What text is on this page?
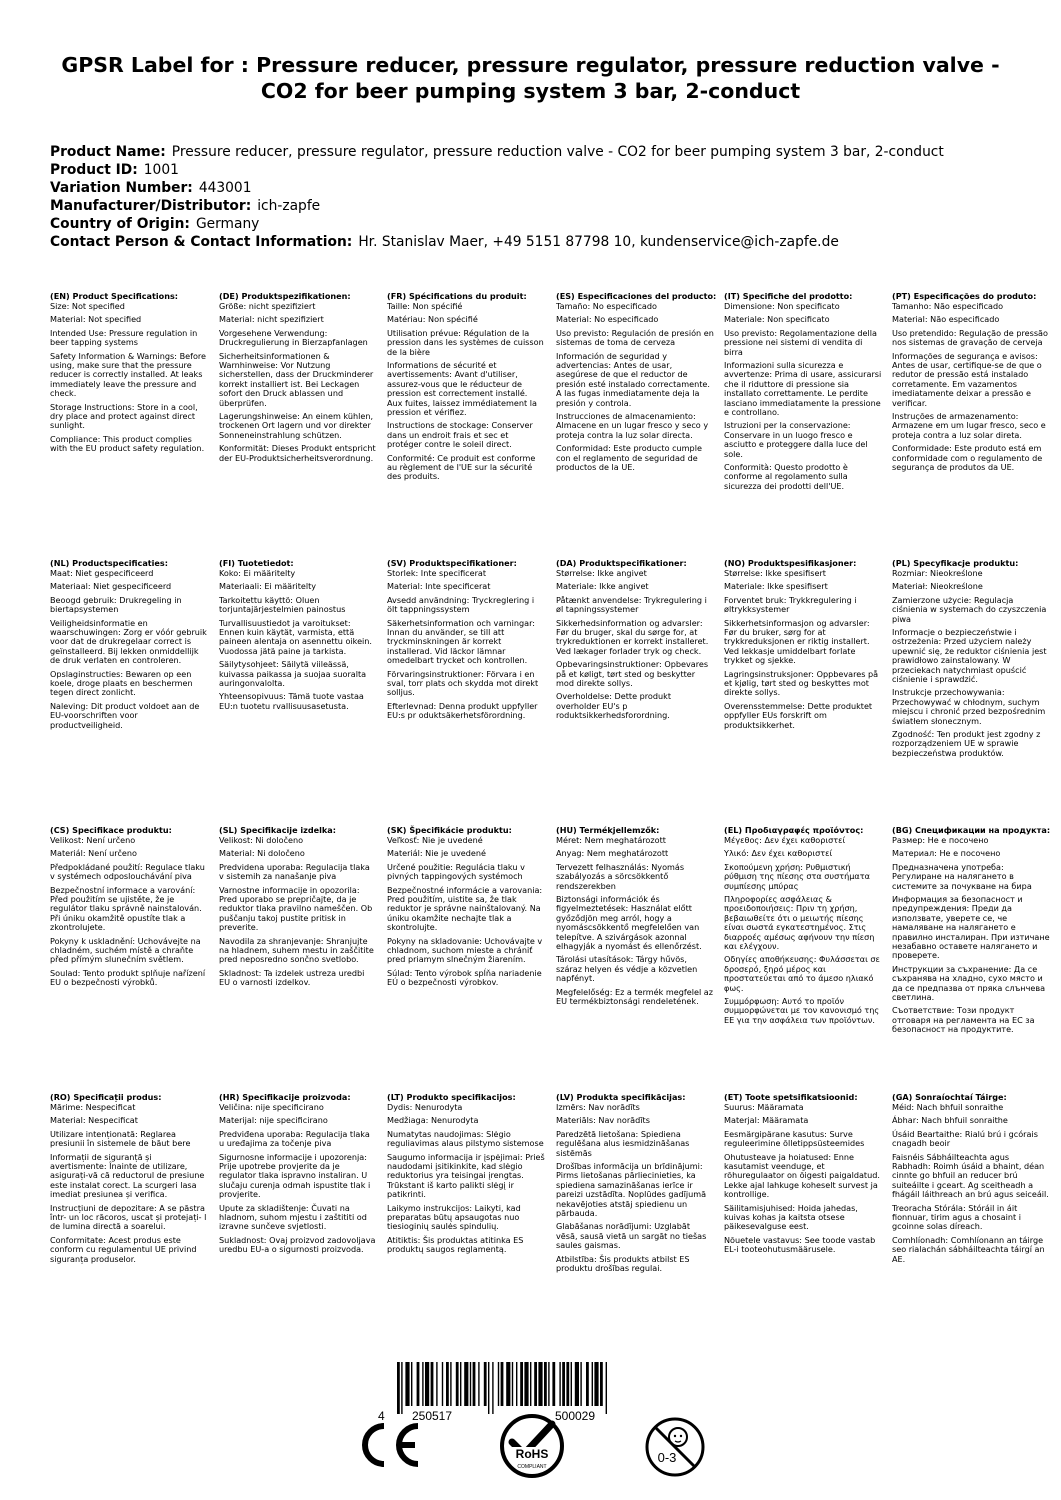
GPSR Label for : Pressure reducer, pressure regulator, pressure reduction valve - CO2 for beer pumping system 3 bar, 2-conduct
Product Name: Pressure reducer, pressure regulator, pressure reduction valve - CO2 for beer pumping system 3 bar, 2-conduct
Product ID: 1001
Variation Number: 443001
Manufacturer/Distributor: ich-zapfe
Country of Origin: Germany
Contact Person & Contact Information: Hr. Stanislav Maer, +49 5151 87798 10, kundenservice@ich-zapfe.de
(EN) Product Specifications:
Size: Not specified
Material: Not specified
Intended Use: Pressure regulation in beer tapping systems
Safety Information & Warnings: Before using, make sure that the pressure reducer is correctly installed. At leaks immediately leave the pressure and check.
Storage Instructions: Store in a cool, dry place and protect against direct sunlight.
Compliance: This product complies with the EU product safety regulation.
(DE) Produktspezifikationen:
Größe: nicht spezifiziert
Material: nicht spezifiziert
Vorgesehene Verwendung: Druckregulierung in Bierzapfanlagen
Sicherheitsinformationen & Warnhinweise: Vor Nutzung sicherstellen, dass der Druckminderer korrekt installiert ist. Bei Leckagen sofort den Druck ablassen und überprüfen.
Lagerungshinweise: An einem kühlen, trockenen Ort lagern und vor direkter Sonneneinstrahlung schützen.
Konformität: Dieses Produkt entspricht der EU-Produktsicherheitsverordnung.
(FR) Spécifications du produit:
Taille: Non spécifié
Matériau: Non spécifié
Utilisation prévue: Régulation de la pression dans les systèmes de cuisson de la bière
Informations de sécurité et avertissements: Avant d'utiliser, assurez-vous que le réducteur de pression est correctement installé. Aux fuites, laissez immédiatement la pression et vérifiez.
Instructions de stockage: Conserver dans un endroit frais et sec et protéger contre le soleil direct.
Conformité: Ce produit est conforme au règlement de l'UE sur la sécurité des produits.
(ES) Especificaciones del producto:
Tamaño: No especificado
Material: No especificado
Uso previsto: Regulación de presión en sistemas de toma de cerveza
Información de seguridad y advertencias: Antes de usar, asegúrese de que el reductor de presión esté instalado correctamente. A las fugas inmediatamente deja la presión y controla.
Instrucciones de almacenamiento: Almacene en un lugar fresco y seco y proteja contra la luz solar directa.
Conformidad: Este producto cumple con el reglamento de seguridad de productos de la UE.
(IT) Specifiche del prodotto:
Dimensione: Non specificato
Materiale: Non specificato
Uso previsto: Regolamentazione della pressione nei sistemi di vendita di birra
Informazioni sulla sicurezza e avvertenze: Prima di usare, assicurarsi che il riduttore di pressione sia installato correttamente. Le perdite lasciano immediatamente la pressione e controllano.
Istruzioni per la conservazione: Conservare in un luogo fresco e asciutto e proteggere dalla luce del sole.
Conformità: Questo prodotto è conforme al regolamento sulla sicurezza dei prodotti dell'UE.
(PT) Especificações do produto:
Tamanho: Não especificado
Material: Não especificado
Uso pretendido: Regulação de pressão nos sistemas de gravação de cerveja
Informações de segurança e avisos: Antes de usar, certifique-se de que o redutor de pressão está instalado corretamente. Em vazamentos imediatamente deixar a pressão e verificar.
Instruções de armazenamento: Armazene em um lugar fresco, seco e proteja contra a luz solar direta.
Conformidade: Este produto está em conformidade com o regulamento de segurança de produtos da UE.
(NL) Productspecificaties:
Maat: Niet gespecificeerd
Materiaal: Niet gespecificeerd
Beoogd gebruik: Drukregeling in biertapsystemen
Veiligheidsinformatie en waarschuwingen: Zorg er vóór gebruik voor dat de drukregelaar correct is geïnstalleerd. Bij lekken onmiddellijk de druk verlaten en controleren.
Opslaginstructies: Bewaren op een koele, droge plaats en beschermen tegen direct zonlicht.
Naleving: Dit product voldoet aan de EU-voorschriften voor productveiligheid.
(FI) Tuotetiedot:
Koko: Ei määritelty
Materiaali: Ei määritelty
Tarkoitettu käyttö: Oluen torjuntajärjestelmien painostus
Turvallisuustiedot ja varoitukset: Ennen kuin käytät, varmista, että paineen alentaja on asennettu oikein. Vuodossa jätä paine ja tarkista.
Säilytysohjeet: Säilytä viileässä, kuivassa paikassa ja suojaa suoralta auringonvalolta.
Yhteensopivuus: Tämä tuote vastaa EU:n tuotetu rvallisuusasetusta.
(SV) Produktspecifikationer:
Storlek: Inte specificerat
Material: Inte specificerat
Avsedd användning: Tryckreglering i ölt tappningssystem
Säkerhetsinformation och varningar: Innan du använder, se till att tryckminskningen är korrekt installerad. Vid läckor lämnar omedelbart trycket och kontrollen.
Förvaringsinstruktioner: Förvara i en sval, torr plats och skydda mot direkt solljus.
Efterlevnad: Denna produkt uppfyller EU:s pr oduktsäkerhetsförordning.
(DA) Produktspecifikationer:
Størrelse: Ikke angivet
Materiale: Ikke angivet
Påtænkt anvendelse: Trykregulering i øl tapningssystemer
Sikkerhedsinformation og advarsler: Før du bruger, skal du sørge for, at trykreduktionen er korrekt installeret. Ved lækager forlader tryk og check.
Opbevaringsinstruktioner: Opbevares på et køligt, tørt sted og beskytter mod direkte sollys.
Overholdelse: Dette produkt overholder EU's p roduktsikkerhedsforordning.
(NO) Produktspesifikasjoner:
Størrelse: Ikke spesifisert
Materiale: Ikke spesifisert
Forventet bruk: Trykkregulering i øltrykksystemer
Sikkerhetsinformasjon og advarsler: Før du bruker, sørg for at trykkreduksjonen er riktig installert. Ved lekkasje umiddelbart forlate trykket og sjekke.
Lagringsinstruksjoner: Oppbevares på et kjølig, tørt sted og beskyttes mot direkte sollys.
Overensstemmelse: Dette produktet oppfyller EUs forskrift om produktsikkerhet.
(PL) Specyfikacje produktu:
Rozmiar: Nieokreślone
Materiał: Nieokreślone
Zamierzone użycie: Regulacja ciśnienia w systemach do czyszczenia piwa
Informacje o bezpieczeństwie i ostrzeżenia: Przed użyciem należy upewnić się, że reduktor ciśnienia jest prawidłowo zainstalowany. W przeciekach natychmiast opuścić ciśnienie i sprawdzić.
Instrukcje przechowywania: Przechowywać w chłodnym, suchym miejscu i chronić przed bezpośrednim światłem słonecznym.
Zgodność: Ten produkt jest zgodny z rozporządzeniem UE w sprawie bezpieczeństwa produktów.
(CS) Specifikace produktu:
Velikost: Není určeno
Materiál: Není určeno
Předpokládané použití: Regulace tlaku v systémech odposlouchávání piva
Bezpečnostní informace a varování: Před použitím se ujistěte, že je regulátor tlaku správně nainstalován. Při úniku okamžitě opustíte tlak a zkontrolujete.
Pokyny k uskladnění: Uchovávejte na chladném, suchém místě a chraňte před přímým slunečním světlem.
Soulad: Tento produkt splňuje nařízení EU o bezpečnosti výrobků.
(SL) Specifikacije izdelka:
Velikost: Ni določeno
Material: Ni določeno
Predvidena uporaba: Regulacija tlaka v sistemih za nanašanje piva
Varnostne informacije in opozorila: Pred uporabo se prepričajte, da je reduktor tlaka pravilno nameščen. Ob puščanju takoj pustite pritisk in preverite.
Navodila za shranjevanje: Shranjujte na hladnem, suhem mestu in zaščitite pred neposredno sončno svetlobo.
Skladnost: Ta izdelek ustreza uredbi EU o varnosti izdelkov.
(SK) Špecifikácie produktu:
Veľkosť: Nie je uvedené
Materiál: Nie je uvedené
Určené použitie: Regulácia tlaku v pivných tappingových systémoch
Bezpečnostné informácie a varovania: Pred použitím, uistite sa, že tlak reduktor je správne nainštalovaný. Na úniku okamžite nechajte tlak a skontrolujte.
Pokyny na skladovanie: Uchovávajte v chladnom, suchom mieste a chrániť pred priamym slnečným žiarením.
Súlad: Tento výrobok spĺňa nariadenie EÚ o bezpečnosti výrobkov.
(HU) Termékjellemzők:
Méret: Nem meghatározott
Anyag: Nem meghatározott
Tervezett felhasználás: Nyomás szabályozás a sörcsökkentő rendszerekben
Biztonsági információk és figyelmeztetések: Használat előtt győződjön meg arról, hogy a nyomáscsökkentő megfelelően van telepítve. A szivárgások azonnal elhagyják a nyomást és ellenőrzést.
Tárolási utasítások: Tárgy hűvös, száraz helyen és védje a közvetlen napfényt.
Megfelelőség: Ez a termék megfelel az EU termékbiztonsági rendeletének.
(EL) Προδιαγραφές προϊόντος:
Μέγεθος: Δεν έχει καθοριστεί
Υλικό: Δεν έχει καθοριστεί
Σκοπούμενη χρήση: Ρυθμιστική ρύθμιση της πίεσης στα συστήματα συμπίεσης μπύρας
Πληροφορίες ασφάλειας & προειδοποιήσεις: Πριν τη χρήση, βεβαιωθείτε ότι ο μειωτής πίεσης είναι σωστά εγκατεστημένος. Στις διαρροές αμέσως αφήνουν την πίεση και ελέγχουν.
Οδηγίες αποθήκευσης: Φυλάσσεται σε δροσερό, ξηρό μέρος και προστατεύεται από το άμεσο ηλιακό φως.
Συμμόρφωση: Αυτό το προϊόν συμμορφώνεται με τον κανονισμό της ΕΕ για την ασφάλεια των προϊόντων.
(BG) Спецификации на продукта:
Размер: Не е посочено
Материал: Не е посочено
Предназначена употреба: Регулиране на налягането в системите за почукване на бира
Информация за безопасност и предупреждения: Преди да използвате, уверете се, че намаляване на налягането е правилно инсталиран. При изтичане незабавно оставете налягането и проверете.
Инструкции за съхранение: Да се съхранява на хладно, сухо място и да се предпазва от пряка слънчева светлина.
Съответствие: Този продукт отговаря на регламента на ЕС за безопасност на продуктите.
(RO) Specificații produs:
Mărime: Nespecificat
Material: Nespecificat
Utilizare intenționată: Reglarea presiunii în sistemele de băut bere
Informații de siguranță și avertismente: Înainte de utilizare, asigurați-vă că reductorul de presiune este instalat corect. La scurgeri lasa imediat presiunea și verifica.
Instrucțiuni de depozitare: A se păstra într- un loc răcoros, uscat și protejați- l de lumina directă a soarelui.
Conformitate: Acest produs este conform cu regulamentul UE privind siguranța produselor.
(HR) Specifikacije proizvoda:
Veličina: nije specificirano
Materijal: nije specificirano
Predviđena uporaba: Regulacija tlaka u uređajima za točenje piva
Sigurnosne informacije i upozorenja: Prije upotrebe provjerite da je regulator tlaka ispravno instaliran. U slučaju curenja odmah ispustite tlak i provjerite.
Upute za skladištenje: Čuvati na hladnom, suhom mjestu i zaštititi od izravne sunčeve svjetlosti.
Sukladnost: Ovaj proizvod zadovoljava uredbu EU-a o sigurnosti proizvoda.
(LT) Produkto specifikacijos:
Dydis: Nenurodyta
Medžiaga: Nenurodyta
Numatytas naudojimas: Slėgio reguliavimas alaus pilstymo sistemose
Saugumo informacija ir įspėjimai: Prieš naudodami įsitikinkite, kad slėgio reduktorius yra teisingai įrengtas. Trūkstant iš karto palikti slėgį ir patikrinti.
Laikymo instrukcijos: Laikyti, kad preparatas būtų apsaugotas nuo tiesioginių saulės spindulių.
Atitiktis: Šis produktas atitinka ES produktų saugos reglamentą.
(LV) Produkta specifikācijas:
Izmērs: Nav norādīts
Materiāls: Nav norādīts
Paredzētā lietošana: Spiediena regulēšana alus iesmidzināšanas sistēmās
Drošības informācija un brīdinājumi: Pirms lietošanas pārliecinieties, ka spiediena samazināšanas ierīce ir pareizi uzstādīta. Noplūdes gadījumā nekavējoties atstāj spiedienu un pārbauda.
Glabāšanas norādījumi: Uzglabāt vēsā, sausā vietā un sargāt no tiešas saules gaismas.
Atbilstība: Šis produkts atbilst ES produktu drošības regulai.
(ET) Toote spetsifikatsioonid:
Suurus: Määramata
Materjal: Määramata
Eesmärgipärane kasutus: Surve reguleerimine õlletippsüsteemides
Ohutusteave ja hoiatused: Enne kasutamist veenduge, et rõhuregulaator on õigesti paigaldatud. Lekke ajal lahkuge koheselt survest ja kontrollige.
Säilitamisjuhised: Hoida jahedas, kuivas kohas ja kaitsta otsese päikesevalguse eest.
Nõuetele vastavus: See toode vastab EL-i tooteohutusmäärusele.
(GA) Sonraíochtaí Táirge:
Méid: Nach bhfuil sonraithe
Ábhar: Nach bhfuil sonraithe
Úsáid Beartaithe: Rialú brú i gcórais cnagadh beoir
Faisnéis Sábháilteachta agus Rabhadh: Roimh úsáid a bhaint, déan cinnte go bhfuil an reducer brú suiteáilte i gceart. Ag sceitheadh a fhágáil láithreach an brú agus seiceáil.
Treoracha Stórála: Stóráil in áit fionnuar, tirim agus a chosaint i gcoinne solas díreach.
Comhlíonadh: Comhlíonann an táirge seo rialachán sábháilteachta táirgí an AE.
4 250517	500029
RoHS
COMPLIANT
0-3
